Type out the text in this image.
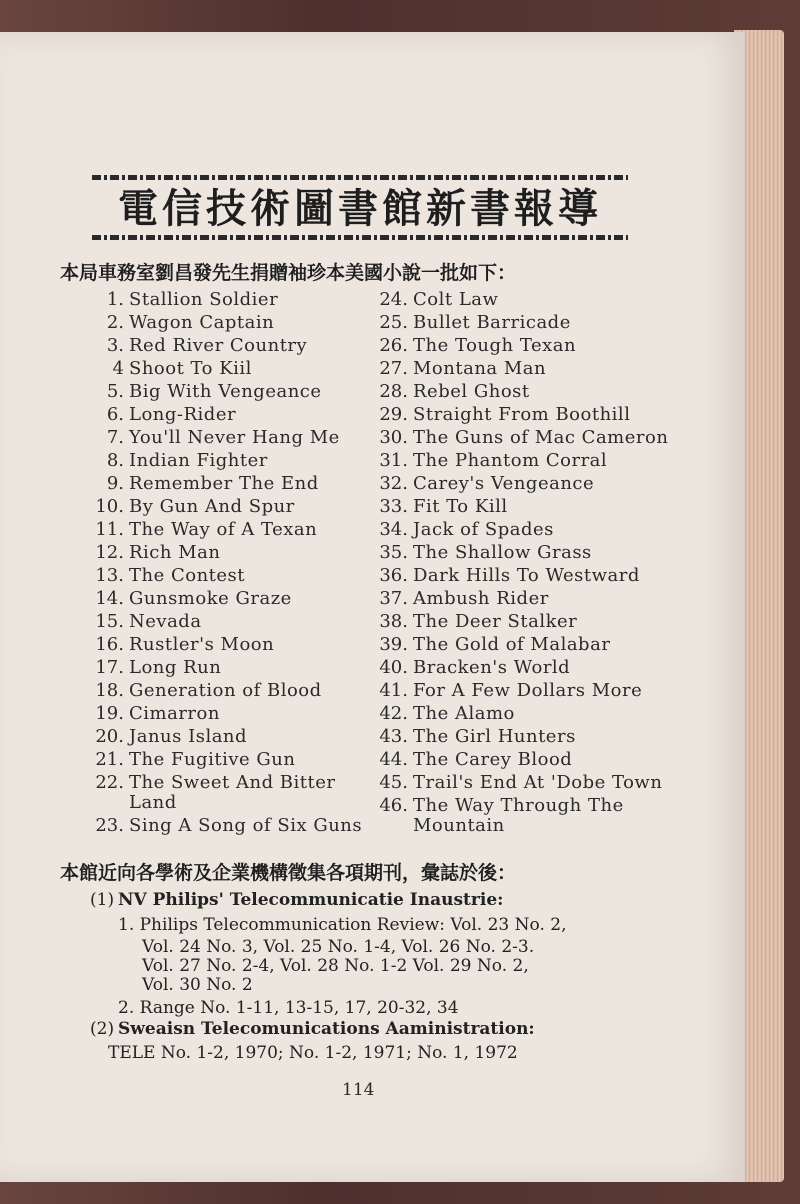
電信技術圖書館新書報導
本局車務室劉昌發先生捐贈袖珍本美國小說一批如下：
1. Stallion Soldier
2. Wagon Captain
3. Red River Country
4 Shoot To Kiil
5. Big With Vengeance
6. Long-Rider
7. You'll Never Hang Me
8. Indian Fighter
9. Remember The End
10. By Gun And Spur
11. The Way of A Texan
12. Rich Man
13. The Contest
14. Gunsmoke Graze
15. Nevada
16. Rustler's Moon
17. Long Run
18. Generation of Blood
19. Cimarron
20. Janus Island
21. The Fugitive Gun
22. The Sweet And Bitter Land
23. Sing A Song of Six Guns
24. Colt Law
25. Bullet Barricade
26. The Tough Texan
27. Montana Man
28. Rebel Ghost
29. Straight From Boothill
30. The Guns of Mac Cameron
31. The Phantom Corral
32. Carey's Vengeance
33. Fit To Kill
34. Jack of Spades
35. The Shallow Grass
36. Dark Hills To Westward
37. Ambush Rider
38. The Deer Stalker
39. The Gold of Malabar
40. Bracken's World
41. For A Few Dollars More
42. The Alamo
43. The Girl Hunters
44. The Carey Blood
45. Trail's End At 'Dobe Town
46. The Way Through The Mountain
本館近向各學術及企業機構徵集各項期刊，彙誌於後：
(1) NV Philips' Telecommunicatie Inaustrie:
1. Philips Telecommunication Review: Vol. 23 No. 2,
Vol. 24 No. 3, Vol. 25 No. 1-4, Vol. 26 No. 2-3.
Vol. 27 No. 2-4, Vol. 28 No. 1-2 Vol. 29 No. 2,
Vol. 30 No. 2
2. Range No. 1-11, 13-15, 17, 20-32, 34
(2) Sweaisn Telecomunications Aaministration:
TELE No. 1-2, 1970; No. 1-2, 1971; No. 1, 1972
114
